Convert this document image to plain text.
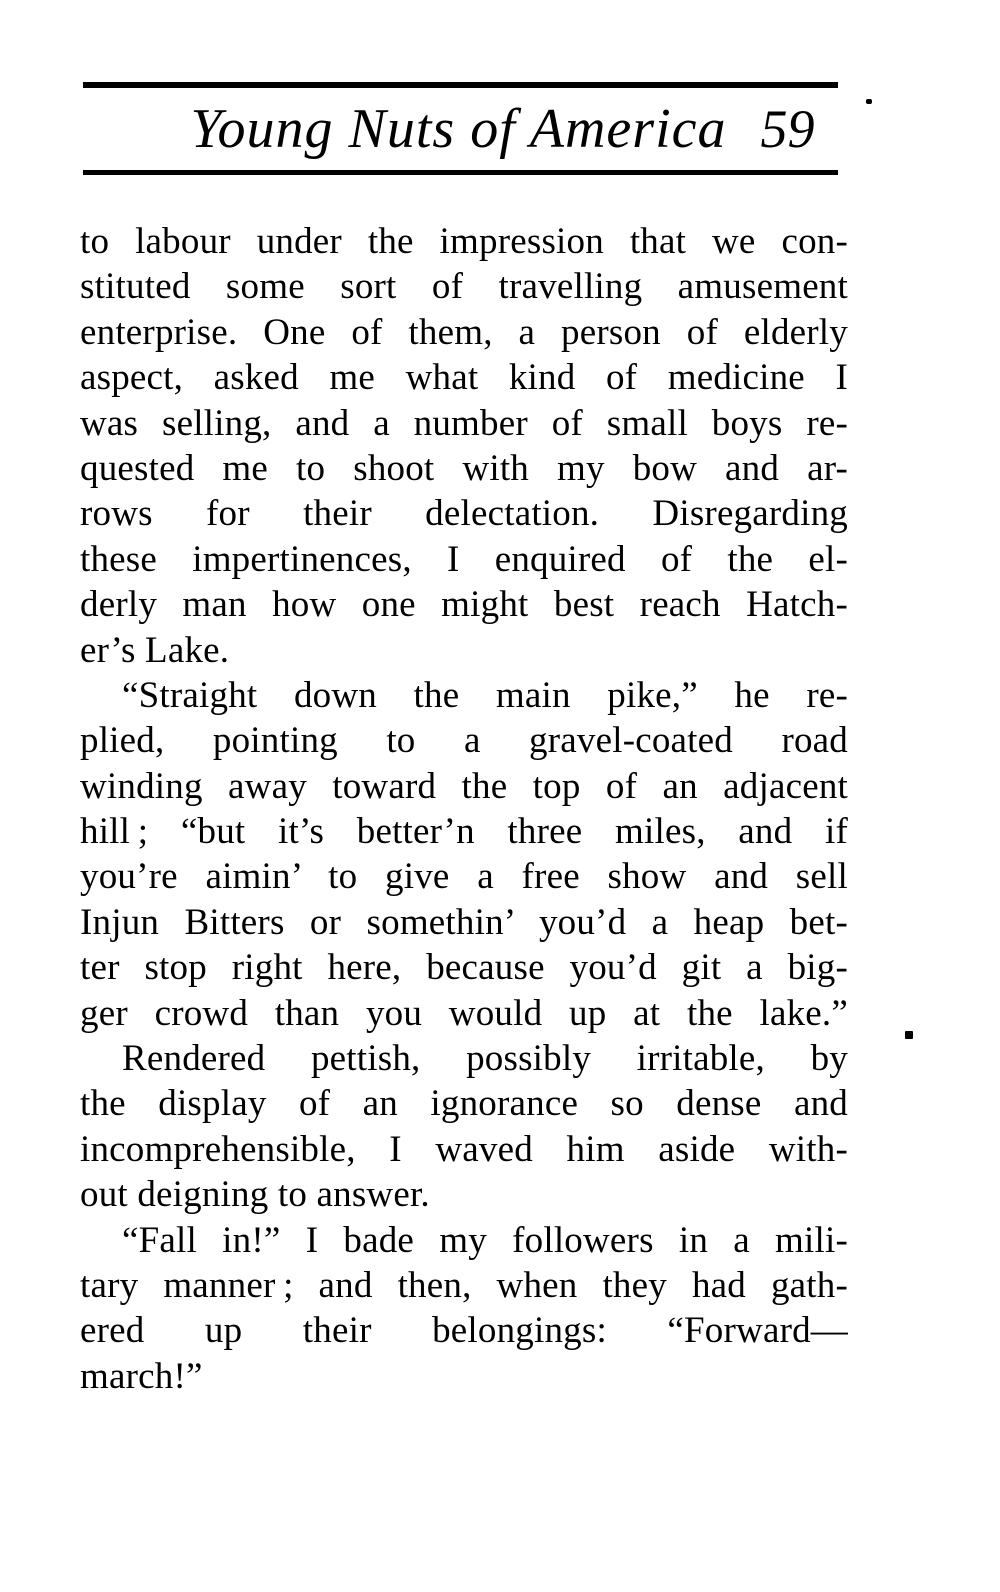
Young Nuts of America 59
to labour under the impression that we con-
stituted some sort of travelling amusement
enterprise. One of them, a person of elderly
aspect, asked me what kind of medicine I
was selling, and a number of small boys re-
quested me to shoot with my bow and ar-
rows for their delectation. Disregarding
these impertinences, I enquired of the el-
derly man how one might best reach Hatch-
er’s Lake.
“Straight down the main pike,” he re-
plied, pointing to a gravel-coated road
winding away toward the top of an adjacent
hill ; “but it’s better’n three miles, and if
you’re aimin’ to give a free show and sell
Injun Bitters or somethin’ you’d a heap bet-
ter stop right here, because you’d git a big-
ger crowd than you would up at the lake.”
Rendered pettish, possibly irritable, by
the display of an ignorance so dense and
incomprehensible, I waved him aside with-
out deigning to answer.
“Fall in!” I bade my followers in a mili-
tary manner ; and then, when they had gath-
ered up their belongings: “Forward—
march!”
